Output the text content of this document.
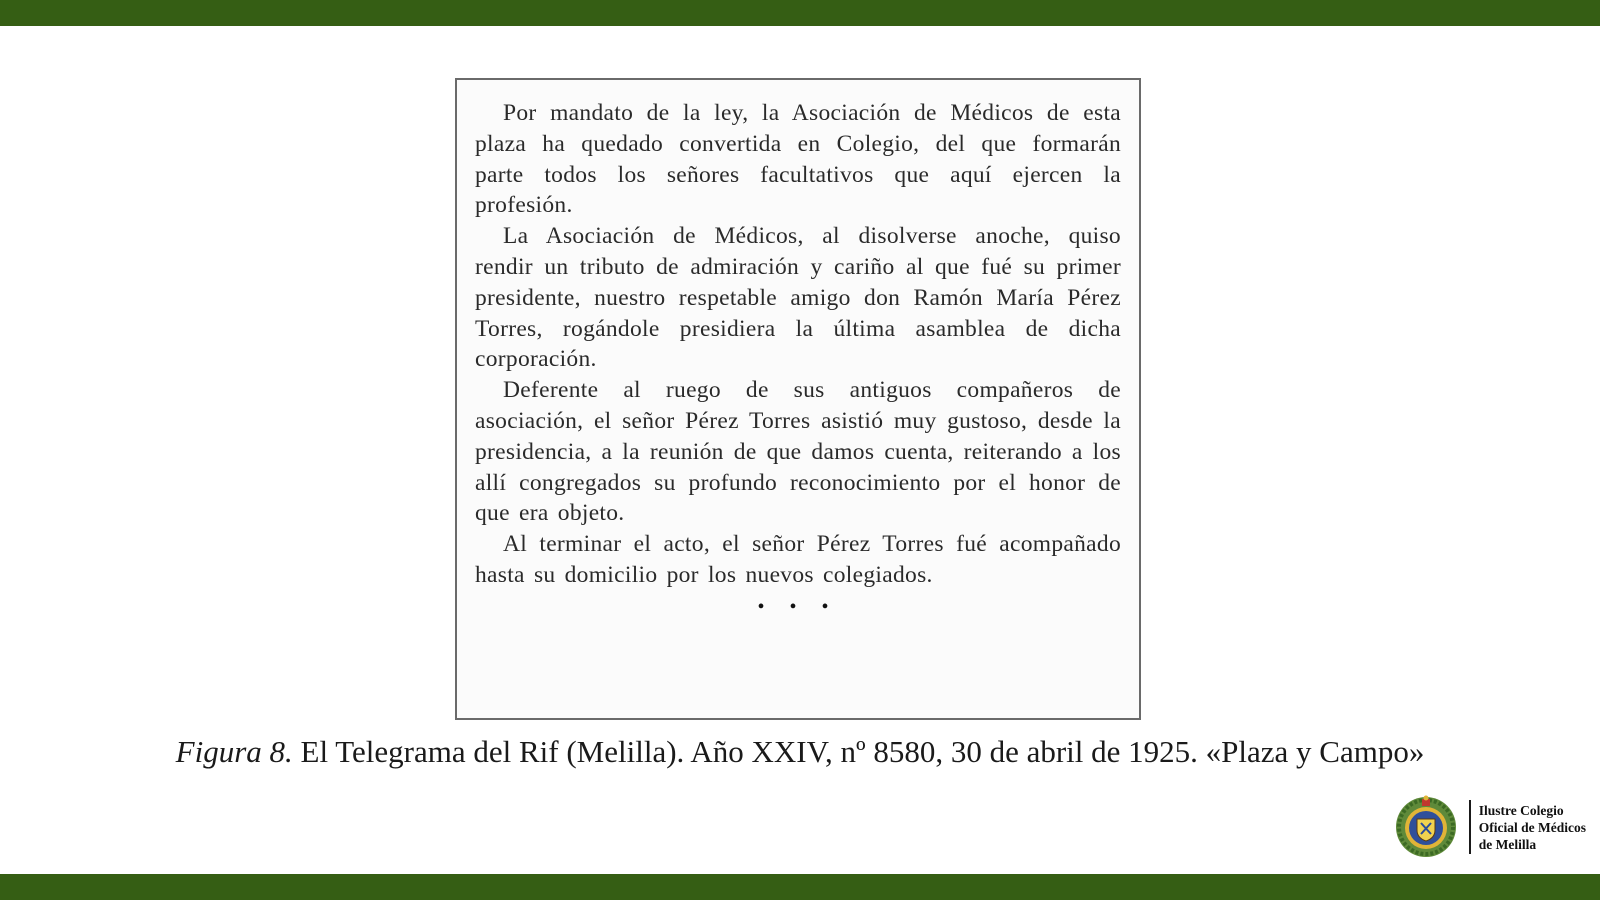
Por mandato de la ley, la Asociación de Médicos de esta plaza ha quedado convertida en Colegio, del que formarán parte todos los señores facultativos que aquí ejercen la profesión.

La Asociación de Médicos, al disolverse anoche, quiso rendir un tributo de admiración y cariño al que fué su primer presidente, nuestro respetable amigo don Ramón María Pérez Torres, rogándole presidiera la última asamblea de dicha corporación.

Deferente al ruego de sus antiguos compañeros de asociación, el señor Pérez Torres asistió muy gustoso, desde la presidencia, a la reunión de que damos cuenta, reiterando a los allí congregados su profundo reconocimiento por el honor de que era objeto.

Al terminar el acto, el señor Pérez Torres fué acompañado hasta su domicilio por los nuevos colegiados.

• • •
Figura 8. El Telegrama del Rif (Melilla). Año XXIV, nº 8580, 30 de abril de 1925. «Plaza y Campo»
Ilustre Colegio
Oficial de Médicos
de Melilla
